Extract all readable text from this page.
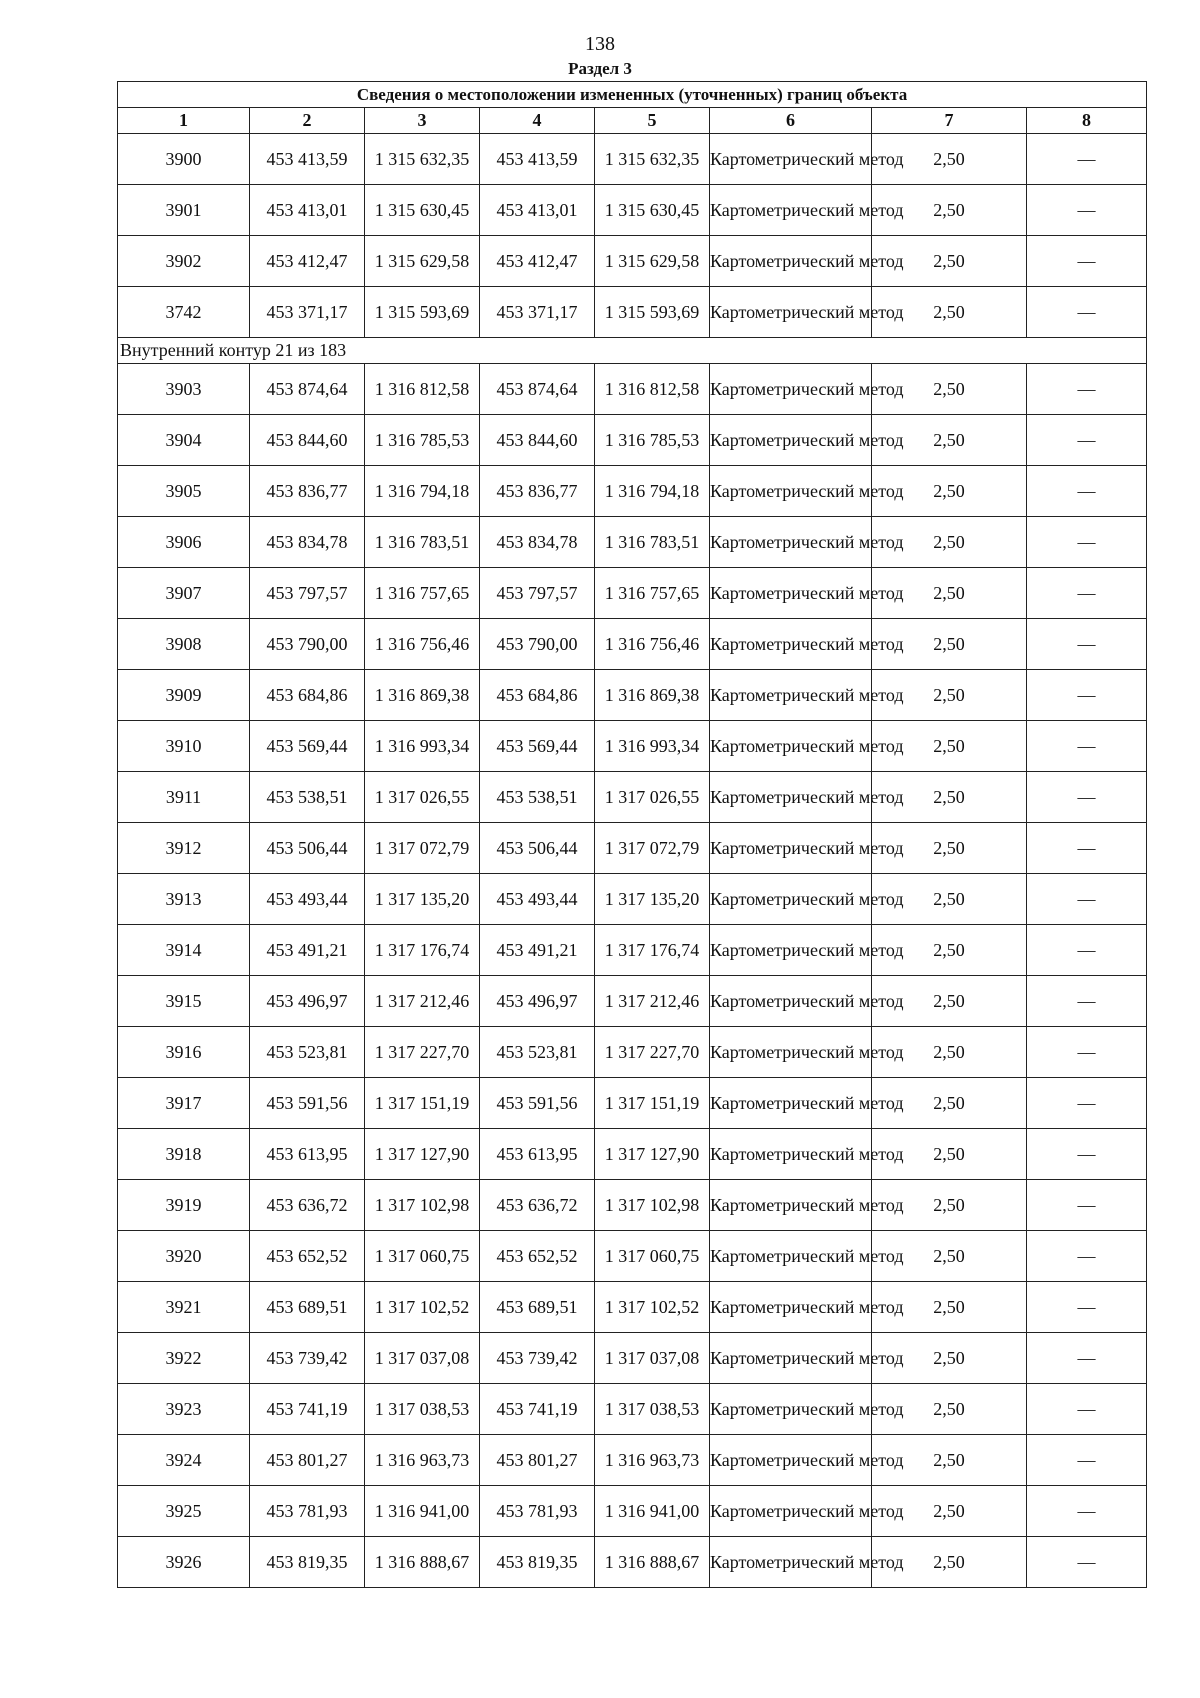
138
Раздел 3
Сведения о местоположении измененных (уточненных) границ объекта							
1	2	3	4	5	6	7	8
3900	453 413,59	1 315 632,35	453 413,59	1 315 632,35	Картометрический метод	2,50	—
3901	453 413,01	1 315 630,45	453 413,01	1 315 630,45	Картометрический метод	2,50	—
3902	453 412,47	1 315 629,58	453 412,47	1 315 629,58	Картометрический метод	2,50	—
3742	453 371,17	1 315 593,69	453 371,17	1 315 593,69	Картометрический метод	2,50	—
Внутренний контур 21 из 183							
3903	453 874,64	1 316 812,58	453 874,64	1 316 812,58	Картометрический метод	2,50	—
3904	453 844,60	1 316 785,53	453 844,60	1 316 785,53	Картометрический метод	2,50	—
3905	453 836,77	1 316 794,18	453 836,77	1 316 794,18	Картометрический метод	2,50	—
3906	453 834,78	1 316 783,51	453 834,78	1 316 783,51	Картометрический метод	2,50	—
3907	453 797,57	1 316 757,65	453 797,57	1 316 757,65	Картометрический метод	2,50	—
3908	453 790,00	1 316 756,46	453 790,00	1 316 756,46	Картометрический метод	2,50	—
3909	453 684,86	1 316 869,38	453 684,86	1 316 869,38	Картометрический метод	2,50	—
3910	453 569,44	1 316 993,34	453 569,44	1 316 993,34	Картометрический метод	2,50	—
3911	453 538,51	1 317 026,55	453 538,51	1 317 026,55	Картометрический метод	2,50	—
3912	453 506,44	1 317 072,79	453 506,44	1 317 072,79	Картометрический метод	2,50	—
3913	453 493,44	1 317 135,20	453 493,44	1 317 135,20	Картометрический метод	2,50	—
3914	453 491,21	1 317 176,74	453 491,21	1 317 176,74	Картометрический метод	2,50	—
3915	453 496,97	1 317 212,46	453 496,97	1 317 212,46	Картометрический метод	2,50	—
3916	453 523,81	1 317 227,70	453 523,81	1 317 227,70	Картометрический метод	2,50	—
3917	453 591,56	1 317 151,19	453 591,56	1 317 151,19	Картометрический метод	2,50	—
3918	453 613,95	1 317 127,90	453 613,95	1 317 127,90	Картометрический метод	2,50	—
3919	453 636,72	1 317 102,98	453 636,72	1 317 102,98	Картометрический метод	2,50	—
3920	453 652,52	1 317 060,75	453 652,52	1 317 060,75	Картометрический метод	2,50	—
3921	453 689,51	1 317 102,52	453 689,51	1 317 102,52	Картометрический метод	2,50	—
3922	453 739,42	1 317 037,08	453 739,42	1 317 037,08	Картометрический метод	2,50	—
3923	453 741,19	1 317 038,53	453 741,19	1 317 038,53	Картометрический метод	2,50	—
3924	453 801,27	1 316 963,73	453 801,27	1 316 963,73	Картометрический метод	2,50	—
3925	453 781,93	1 316 941,00	453 781,93	1 316 941,00	Картометрический метод	2,50	—
3926	453 819,35	1 316 888,67	453 819,35	1 316 888,67	Картометрический метод	2,50	—
